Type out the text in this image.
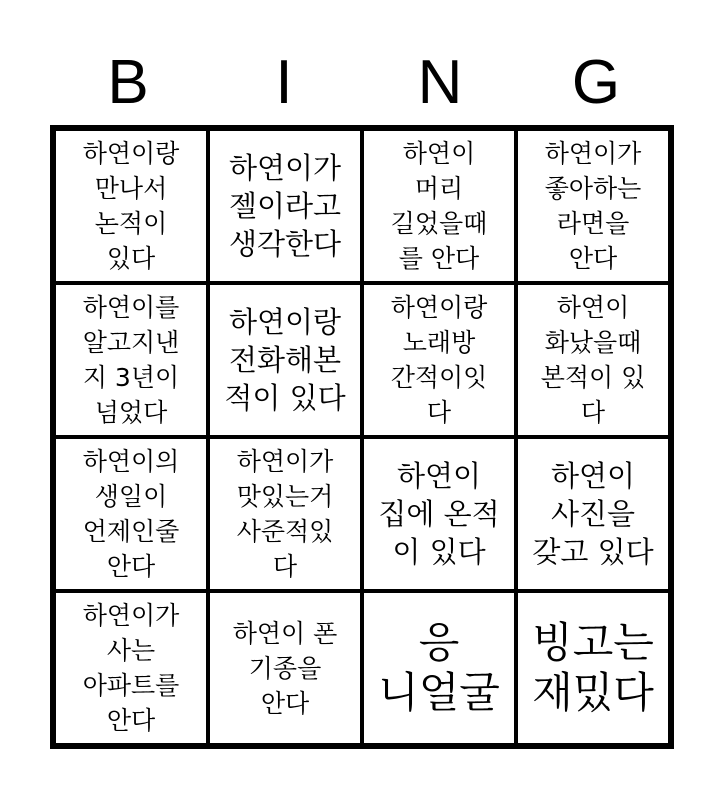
B	I	N	G
하연이랑
만나서
논적이
있다
하연이가
젤이라고
생각한다
하연이
머리
길었을때
를 안다
하연이가
좋아하는
라면을
안다
하연이를
알고지낸
지 3년이
넘었다
하연이랑
전화해본
적이 있다
하연이랑
노래방
간적이잇
다
하연이
화났을때
본적이 있
다
하연이의
생일이
언제인줄
안다
하연이가
맛있는거
사준적있
다
하연이
집에 온적
이 있다
하연이
사진을
갖고 있다
하연이가
사는
아파트를
안다
하연이 폰
기종을
안다
응
니얼굴
빙고는
재밌다
